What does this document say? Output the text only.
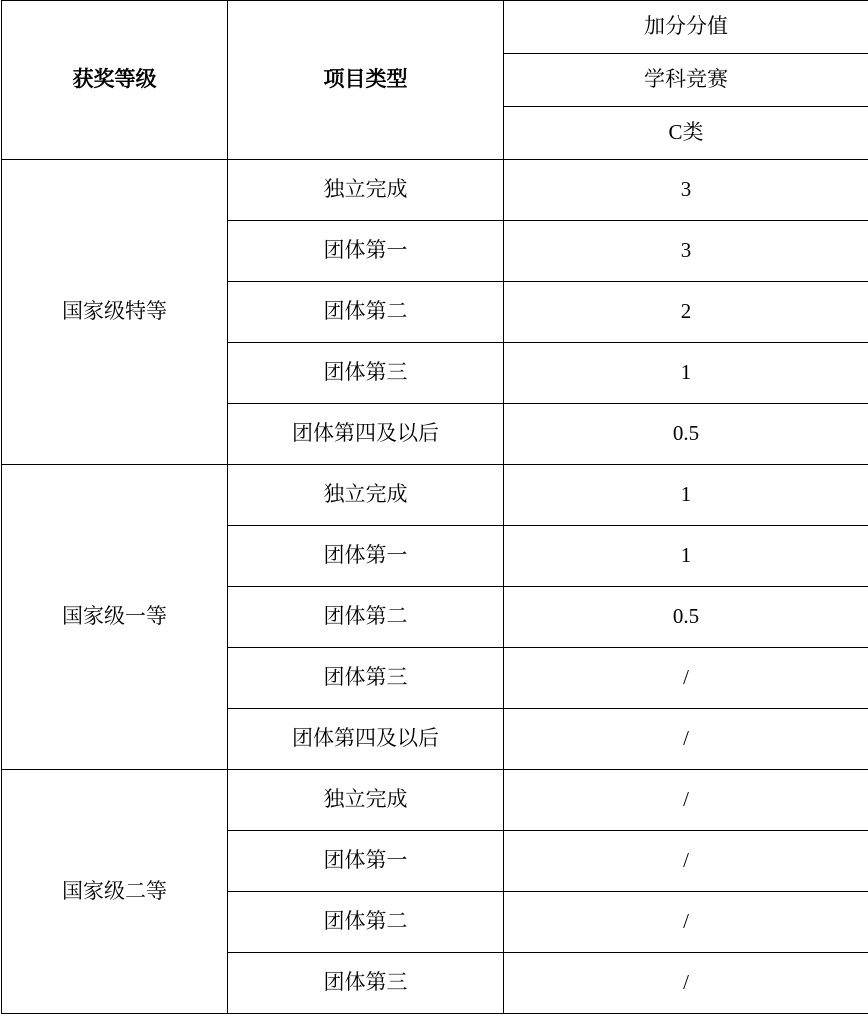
获奖等级	项目类型	加分分值
		学科竞赛
		C类
国家级特等	独立完成	3
	团体第一	3
	团体第二	2
	团体第三	1
	团体第四及以后	0.5
国家级一等	独立完成	1
	团体第一	1
	团体第二	0.5
	团体第三	/
	团体第四及以后	/
国家级二等	独立完成	/
	团体第一	/
	团体第二	/
	团体第三	/
